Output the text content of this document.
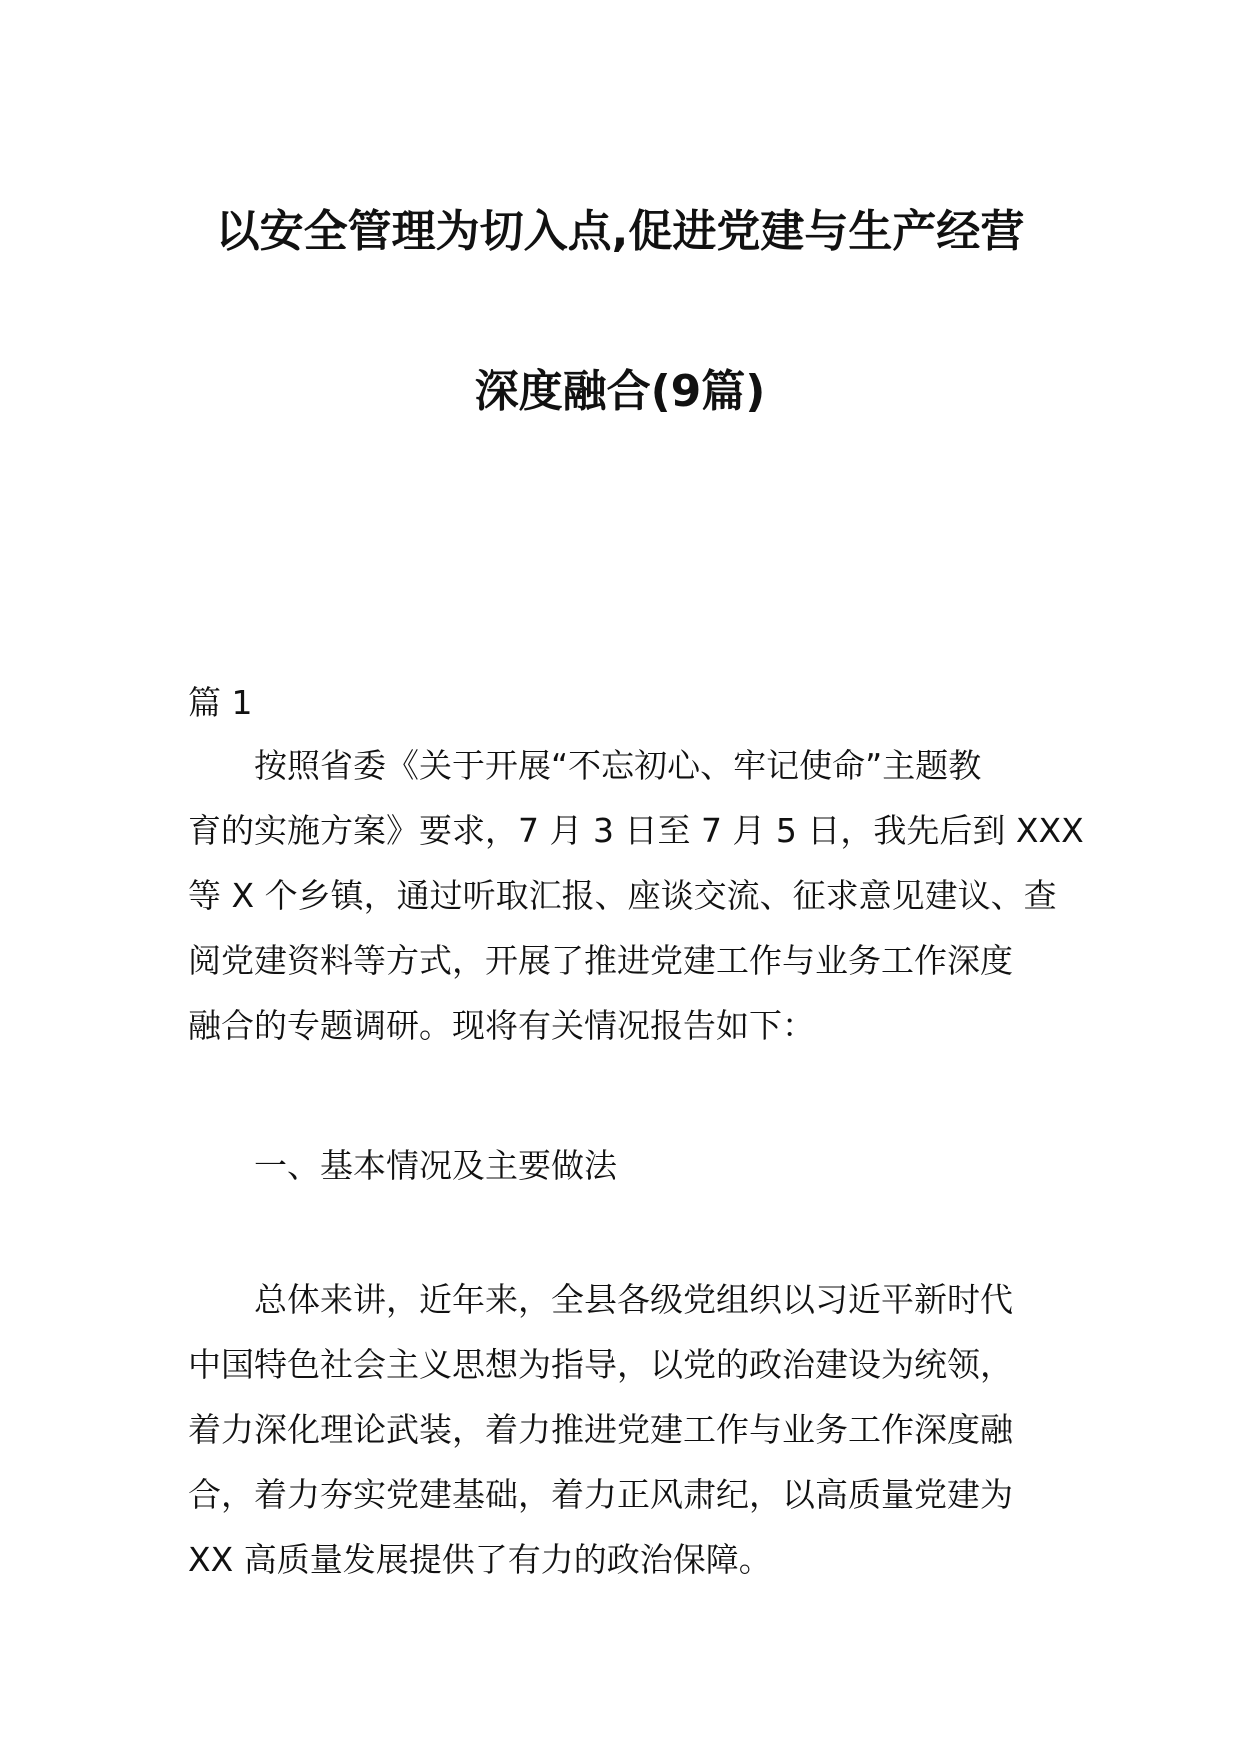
以安全管理为切入点,促进党建与生产经营
深度融合(9篇)
篇 1
按照省委《关于开展“不忘初心、牢记使命”主题教
育的实施方案》要求，7 月 3 日至 7 月 5 日，我先后到 XXX
等 X 个乡镇，通过听取汇报、座谈交流、征求意见建议、查
阅党建资料等方式，开展了推进党建工作与业务工作深度
融合的专题调研。现将有关情况报告如下：
一、基本情况及主要做法
总体来讲，近年来，全县各级党组织以习近平新时代
中国特色社会主义思想为指导，以党的政治建设为统领，
着力深化理论武装，着力推进党建工作与业务工作深度融
合，着力夯实党建基础，着力正风肃纪，以高质量党建为
XX 高质量发展提供了有力的政治保障。
